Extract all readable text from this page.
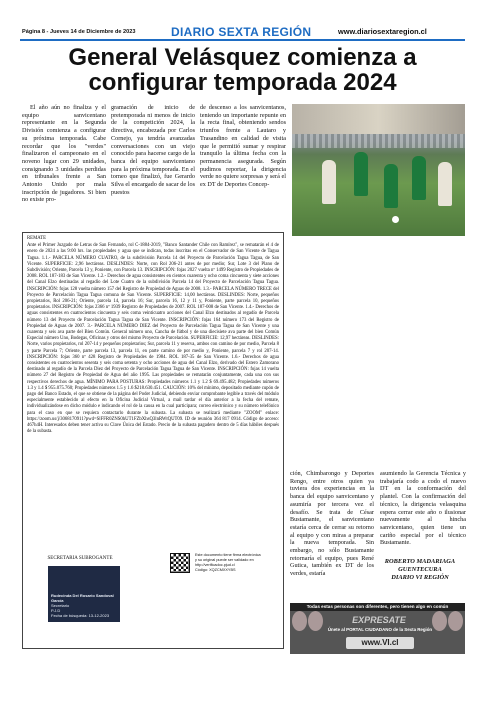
Página 8 - Jueves 14 de Diciembre de 2023	DIARIO SEXTA REGIÓN	www.diariosextaregion.cl
General Velásquez comienza a configurar temporada 2024
El año aún no finaliza y el equipo sanvicentano representante en la Segunda División comienza a configurar su próxima temporada. Cabe recordar que los "verdes" finalizaron el campeonato en el noveno lugar con 29 unidades, consignando 3 unidades perdidas en tribunales frente a San Antonio Unido por mala inscripción de jugadores. Si bien no existe pro-
gramación de inicio de pretemporada ni menos de inicio de la competición 2024, la directiva, encabezada por Carlos Cornejo, ya tendría avanzadas conversaciones con un viejo conocido para hacerse cargo de la banca del equipo sanvicentano para la próxima temporada. En el torneo que finalizó, fue Gerardo Silva el encargado de sacar de los puestos
de descenso a los sanvicentanos, teniendo un importante repunte en la recta final, obteniendo sendos triunfos frente a Lautaro y Trasandino en calidad de visita que le permitió sumar y respirar tranquilo la última fecha con la permanencia asegurada. Según pudimos reportar, la dirigencia verde no quiere sorpresas y será el ex DT de Deportes Concep-
REMATE
Ante el Primer Juzgado de Letras de San Fernando, rol C-1884-2019, "Banco Santander Chile con Ramírez", se rematarán el 4 de enero de 2024 a las 9:00 hrs. las propiedades y agua que se indican, todas inscritas en el Conservador de San Vicente de Tagua Tagua. 1.1.- PARCELA NÚMERO CUATRO, de la subdivisión Parcela 14 del Proyecto de Parcelación Tagua Tagua, de San Vicente. SUPERFICIE: 2,96 hectáreas. DESLINDES: Norte, con Rol 206-21 antes de por medio; Sur, Lote 3 del Plano de Subdivisión; Oriente, Parcela 13 y, Poniente, con Parcela 13. INSCRIPCIÓN: fojas 2027 vuelta nº 1499 Registro de Propiedades de 2008. ROL 187-183 de San Vicente. 1.2.- Derechos de agua consistentes en cientos cuarenta y ocho coma cincuenta y siete acciones del Canal Elzo destinadas al regadío del Lote Cuatro de la subdivisión Parcela 14 del Proyecto de Parcelación Tagua Tagua. INSCRIPCIÓN: fojas 128 vuelta número 157 del Registro de Propiedad de Aguas de 2008. 1.3.- PARCELA NÚMERO TRECE del Proyecto de Parcelación Tagua Tagua comuna de San Vicente. SUPERFICIE: 14,00 hectáreas. DESLINDES: Norte, pequeños propietarios, Rol 206-21; Oriente, parcela 14, parcela 16; Sur, parcela 16, 12 y 11 y, Poniente, parte parcela 10, pequeños propietarios. INSCRIPCIÓN: fojas 2366 nº 1939 Registro de Propiedades de 2007. ROL 187-008 de San Vicente. 1.4.- Derechos de aguas consistentes en cuatrocientos cincuenta y seis coma veinticuatro acciones del Canal Elzo destinados al regadío de Parcela número 13 del Proyecto de Parcelación Tagua Tagua de San Vicente. INSCRIPCIÓN: fojas 164 número 173 del Registro de Propiedad de Aguas de 2007. 3.- PARCELA NÚMERO DIEZ del Proyecto de Parcelación Tagua Tagua de San Vicente y una cuarenta y seis ava parte del Bien Común. General número uno, Cancha de fútbol y de una diecisiete ava parte del bien Común Especial número Uno, Bodegas, Oficinas y otros del mismo Proyecto de Parcelación. SUPERFICIE: 12,97 hectáreas. DESLINDES: Norte, varios propietarios, rol 207-14 y pequeños propietarios; Sur, parcela 11 y reserva, ambos con camino de por medio, Parcela 8 y parte Parcela 7; Oriente, parte parcela 13, parcela 11, en parte camino de por medio y, Poniente, parcela 7 y rol 207-14. INSCRIPCIÓN: fojas 360 nº 428 Registro de Propiedades de 1984. ROL 187-35 de San Vicente. 1.6.- Derechos de agua consistentes en cuatrocientos sesenta y seis coma setenta y ocho acciones de agua del Canal Elzo, derivado del Estero Zamorano destinado al regadío de la Parcela Diez del Proyecto de Parcelación Tagua Tagua de San Vicente. INSCRIPCIÓN: fojas 14 vuelta número 27 del Registro de Propiedad de Agua del año 1995. Las propiedades se rematarán conjuntamente, cada una con sus respectivos derechos de agua. MÍNIMO PARA POSTURAS: Propiedades números 1.1 y 1.2 $ 69.495.482; Propiedades números 1.3 y 1.4 $ 955.075.760; Propiedades números 1.5 y 1.6 $218.630.451. CAUCIÓN: 10% del mínimo, depositado mediante cupón de pago del Banco Estado, el que se obtiene de la página del Poder Judicial, debiendo enviar comprobante legible a través del módulo especialmente establecido al efecto en la Oficina Judicial Virtual, a mail tardar el día anterior a la fecha del remate, individualizándose en dicho módulo e indicando el rol de la causa en la cual participara; correo electrónico y su número telefónico para el caso en que se requiera contactarlo durante la subasta. La subasta se realizará mediante "ZOOM" enlace: https://zoom.us/j/3068170911?pwd=SlFFR0ZNS0hUT1FZbXhsQ3lnRWtQUT09. ID de reunión 364 817 0914. Código de acceso: 467h4H. Interesados deben tener activa su Clave Única del Estado. Precio de la subasta pagadero dentro de 5 días hábiles después de la subasta.
SECRETARIA SUBROGANTE
Rudecinda Del Rosario Sandoval García
Secretario
P.J.D
Fecha de búsqueda: 13-12-2023
Este documento tiene firma electrónica
y su original puede ser validado en
http://verificadoc.pjud.cl
Código: XQZCMXXYBS
ción, Chimbarongo y Deportes Rengo, entre otros quien ya tuviera dos experiencias en la banca del equipo sanvicentano y asumiría por tercera vez el desafío. Se trata de César Bustamante, el sanvicentano estaría cerca de cerrar su retorno al equipo y con miras a preparar la nueva temporada. Sin embargo, no sólo Bustamante retornaría el equipo, pues René Gutica, también ex DT de los verdes, estaría
asumiendo la Gerencia Técnica y trabajaría codo a codo el nuevo DT en la conformación del plantel. Con la confirmación del técnico, la dirigencia velasquina espera cerrar este año o ilusionar nuevamente al hincha sanvicentano, quien tiene un cariño especial por el técnico Bustamante.
ROBERTO MADARIAGA
GUENTECURA
DIARIO VI REGIÓN
Todas estas personas son diferentes, pero tienen algo en común
EXPRESATE
Únete al PORTAL CIUDADANO de la Sexta Región
www.VI.cl
